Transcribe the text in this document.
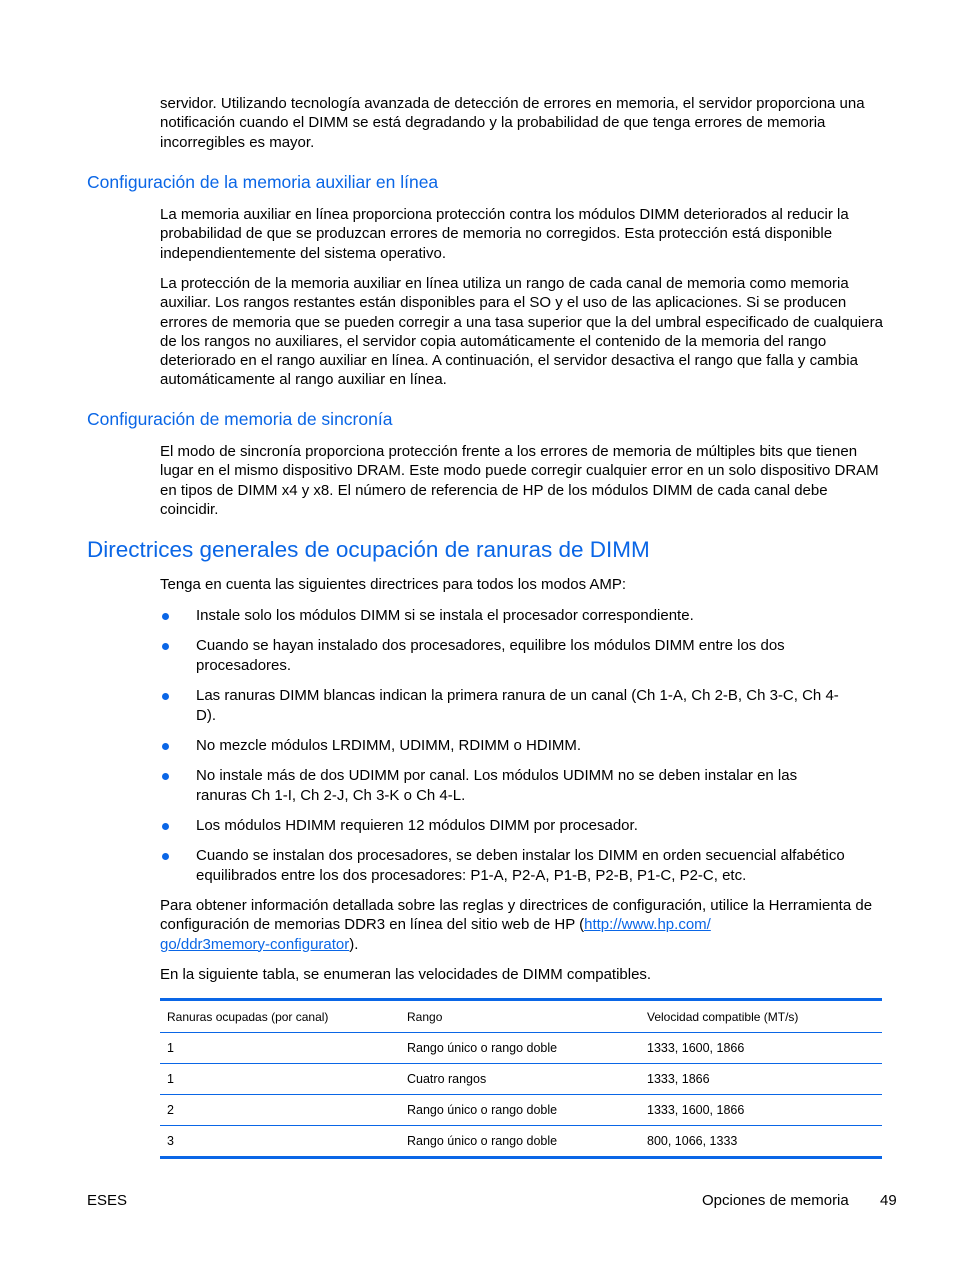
servidor. Utilizando tecnología avanzada de detección de errores en memoria, el servidor proporciona una notificación cuando el DIMM se está degradando y la probabilidad de que tenga errores de memoria incorregibles es mayor.

Configuración de la memoria auxiliar en línea

La memoria auxiliar en línea proporciona protección contra los módulos DIMM deteriorados al reducir la probabilidad de que se produzcan errores de memoria no corregidos. Esta protección está disponible independientemente del sistema operativo.

La protección de la memoria auxiliar en línea utiliza un rango de cada canal de memoria como memoria auxiliar. Los rangos restantes están disponibles para el SO y el uso de las aplicaciones. Si se producen errores de memoria que se pueden corregir a una tasa superior que la del umbral especificado de cualquiera de los rangos no auxiliares, el servidor copia automáticamente el contenido de la memoria del rango deteriorado en el rango auxiliar en línea. A continuación, el servidor desactiva el rango que falla y cambia automáticamente al rango auxiliar en línea.

Configuración de memoria de sincronía

El modo de sincronía proporciona protección frente a los errores de memoria de múltiples bits que tienen lugar en el mismo dispositivo DRAM. Este modo puede corregir cualquier error en un solo dispositivo DRAM en tipos de DIMM x4 y x8. El número de referencia de HP de los módulos DIMM de cada canal debe coincidir.

Directrices generales de ocupación de ranuras de DIMM

Tenga en cuenta las siguientes directrices para todos los modos AMP:

Instale solo los módulos DIMM si se instala el procesador correspondiente.
Cuando se hayan instalado dos procesadores, equilibre los módulos DIMM entre los dos procesadores.
Las ranuras DIMM blancas indican la primera ranura de un canal (Ch 1-A, Ch 2-B, Ch 3-C, Ch 4-D).
No mezcle módulos LRDIMM, UDIMM, RDIMM o HDIMM.
No instale más de dos UDIMM por canal. Los módulos UDIMM no se deben instalar en las ranuras Ch 1-I, Ch 2-J, Ch 3-K o Ch 4-L.
Los módulos HDIMM requieren 12 módulos DIMM por procesador.
Cuando se instalan dos procesadores, se deben instalar los DIMM en orden secuencial alfabético equilibrados entre los dos procesadores: P1-A, P2-A, P1-B, P2-B, P1-C, P2-C, etc.

Para obtener información detallada sobre las reglas y directrices de configuración, utilice la Herramienta de configuración de memorias DDR3 en línea del sitio web de HP (http://www.hp.com/
go/ddr3memory-configurator).

En la siguiente tabla, se enumeran las velocidades de DIMM compatibles.

Ranuras ocupadas (por canal)	Rango	Velocidad compatible (MT/s)
1	Rango único o rango doble	1333, 1600, 1866
1	Cuatro rangos	1333, 1866
2	Rango único o rango doble	1333, 1600, 1866
3	Rango único o rango doble	800, 1066, 1333
ESES	Opciones de memoria 49
